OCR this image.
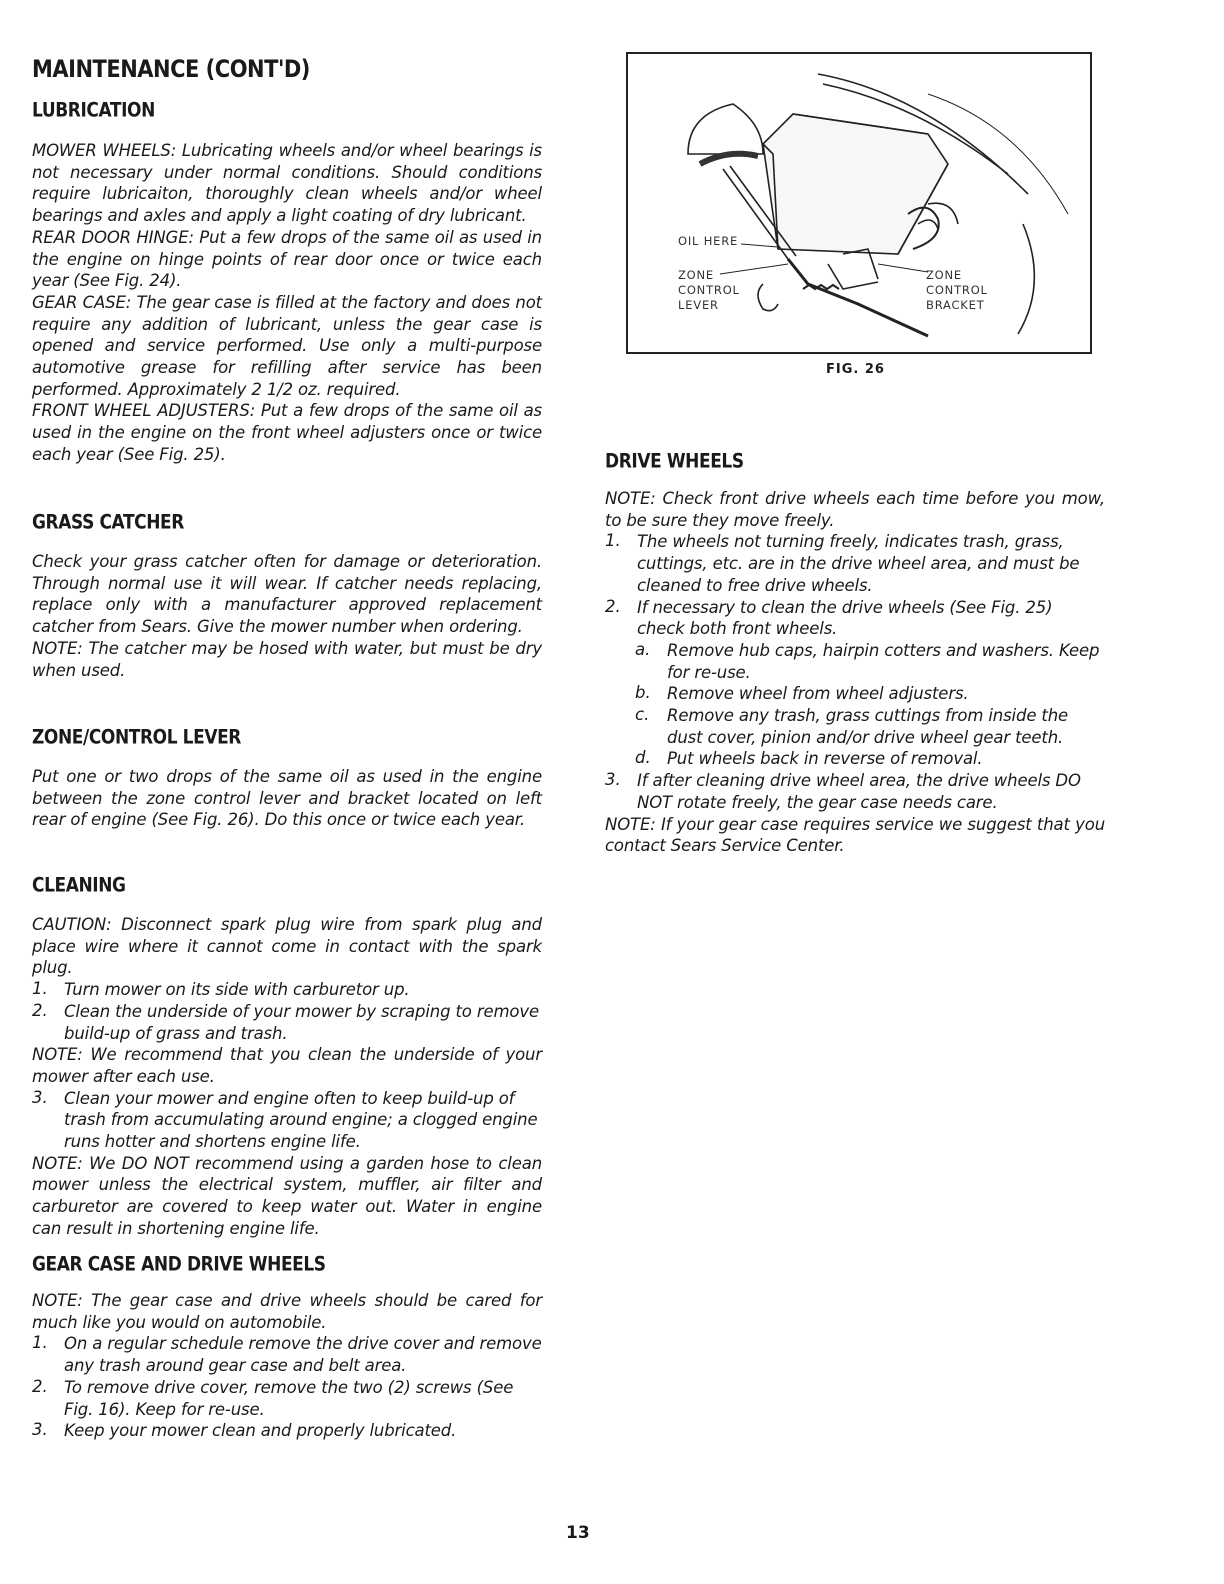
MAINTENANCE (CONT'D)
LUBRICATION

MOWER WHEELS: Lubricating wheels and/or wheel bearings is not necessary under normal conditions. Should conditions require lubricaiton, thoroughly clean wheels and/or wheel bearings and axles and apply a light coating of dry lubricant.

REAR DOOR HINGE: Put a few drops of the same oil as used in the engine on hinge points of rear door once or twice each year (See Fig. 24).

GEAR CASE: The gear case is filled at the factory and does not require any addition of lubricant, unless the gear case is opened and service performed. Use only a multi-purpose automotive grease for refilling after service has been performed. Approximately 2 1/2 oz. required.

FRONT WHEEL ADJUSTERS: Put a few drops of the same oil as used in the engine on the front wheel adjusters once or twice each year (See Fig. 25).

GRASS CATCHER

Check your grass catcher often for damage or deterioration. Through normal use it will wear. If catcher needs replacing, replace only with a manufacturer approved replacement catcher from Sears. Give the mower number when ordering.

NOTE: The catcher may be hosed with water, but must be dry when used.

ZONE/CONTROL LEVER

Put one or two drops of the same oil as used in the engine between the zone control lever and bracket located on left rear of engine (See Fig. 26). Do this once or twice each year.

CLEANING

CAUTION: Disconnect spark plug wire from spark plug and place wire where it cannot come in contact with the spark plug.

1. Turn mower on its side with carburetor up.

2. Clean the underside of your mower by scraping to remove build-up of grass and trash.

NOTE: We recommend that you clean the underside of your mower after each use.

3. Clean your mower and engine often to keep build-up of trash from accumulating around engine; a clogged engine runs hotter and shortens engine life.

NOTE: We DO NOT recommend using a garden hose to clean mower unless the electrical system, muffler, air filter and carburetor are covered to keep water out. Water in engine can result in shortening engine life.

GEAR CASE AND DRIVE WHEELS

NOTE: The gear case and drive wheels should be cared for much like you would on automobile.

1. On a regular schedule remove the drive cover and remove any trash around gear case and belt area.

2. To remove drive cover, remove the two (2) screws (See Fig. 16). Keep for re-use.

3. Keep your mower clean and properly lubricated.

OIL HERE
ZONE
CONTROL
LEVER
ZONE
CONTROL
BRACKET
FIG. 26
DRIVE WHEELS

NOTE: Check front drive wheels each time before you mow, to be sure they move freely.

1. The wheels not turning freely, indicates trash, grass, cuttings, etc. are in the drive wheel area, and must be cleaned to free drive wheels.

2. If necessary to clean the drive wheels (See Fig. 25) check both front wheels.

a. Remove hub caps, hairpin cotters and washers. Keep for re-use.

b. Remove wheel from wheel adjusters.

c. Remove any trash, grass cuttings from inside the dust cover, pinion and/or drive wheel gear teeth.

d. Put wheels back in reverse of removal.

3. If after cleaning drive wheel area, the drive wheels DO NOT rotate freely, the gear case needs care.

NOTE: If your gear case requires service we suggest that you contact Sears Service Center.

13
